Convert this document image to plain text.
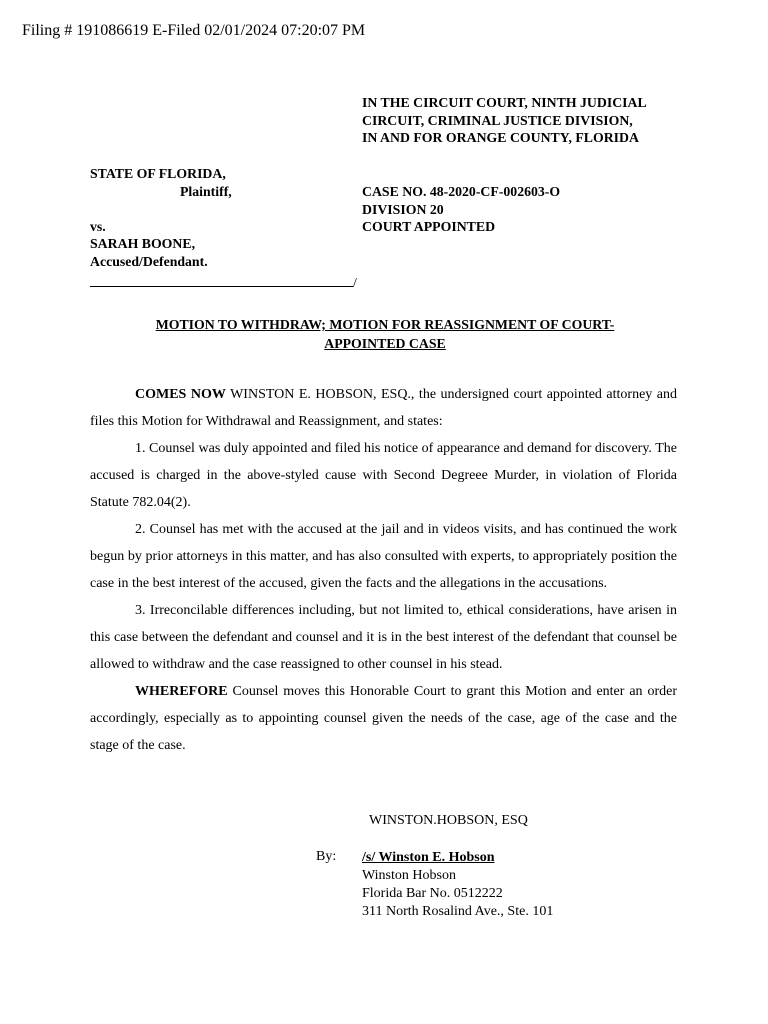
Filing # 191086619 E-Filed 02/01/2024 07:20:07 PM
IN THE CIRCUIT COURT, NINTH JUDICIAL
CIRCUIT, CRIMINAL JUSTICE DIVISION,
IN AND FOR ORANGE COUNTY, FLORIDA
STATE OF FLORIDA,
Plaintiff,

vs.
SARAH BOONE,
Accused/Defendant.
CASE NO. 48-2020-CF-002603-O
DIVISION 20
COURT APPOINTED
/
MOTION TO WITHDRAW; MOTION FOR REASSIGNMENT OF COURT-APPOINTED CASE

COMES NOW WINSTON E. HOBSON, ESQ., the undersigned court appointed attorney and files this Motion for Withdrawal and Reassignment, and states:

1. Counsel was duly appointed and filed his notice of appearance and demand for discovery. The accused is charged in the above-styled cause with Second Degreee Murder, in violation of Florida Statute 782.04(2).

2. Counsel has met with the accused at the jail and in videos visits, and has continued the work begun by prior attorneys in this matter, and has also consulted with experts, to appropriately position the case in the best interest of the accused, given the facts and the allegations in the accusations.

3. Irreconcilable differences including, but not limited to, ethical considerations, have arisen in this case between the defendant and counsel and it is in the best interest of the defendant that counsel be allowed to withdraw and the case reassigned to other counsel in his stead.

WHEREFORE Counsel moves this Honorable Court to grant this Motion and enter an order accordingly, especially as to appointing counsel given the needs of the case, age of the case and the stage of the case.

WINSTON.HOBSON, ESQ
By: /s/ Winston E. Hobson
Winston Hobson
Florida Bar No. 0512222
311 North Rosalind Ave., Ste. 101
